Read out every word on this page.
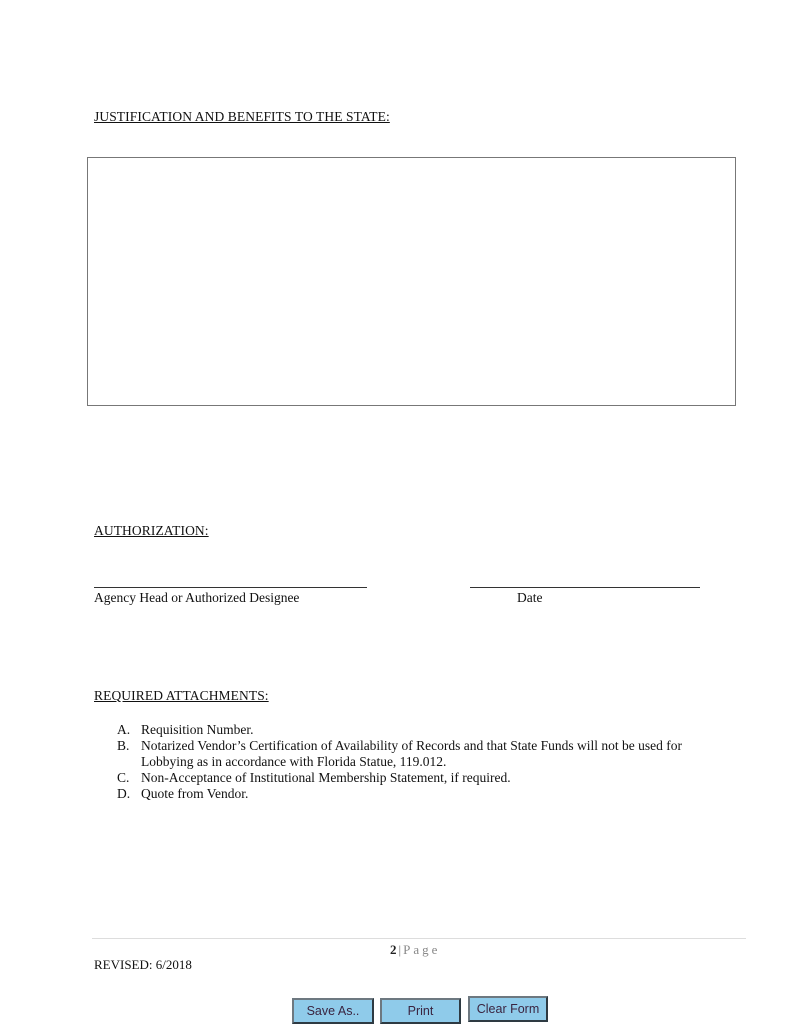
JUSTIFICATION AND BENEFITS TO THE STATE:
AUTHORIZATION:
Agency Head or Authorized Designee	Date
REQUIRED ATTACHMENTS:
A. Requisition Number.
B. Notarized Vendor’s Certification of Availability of Records and that State Funds will not be used for Lobbying as in accordance with Florida Statue, 119.012.
C. Non-Acceptance of Institutional Membership Statement, if required.
D. Quote from Vendor.
2 | Page
REVISED: 6/2018
Save As..	Print	Clear Form
